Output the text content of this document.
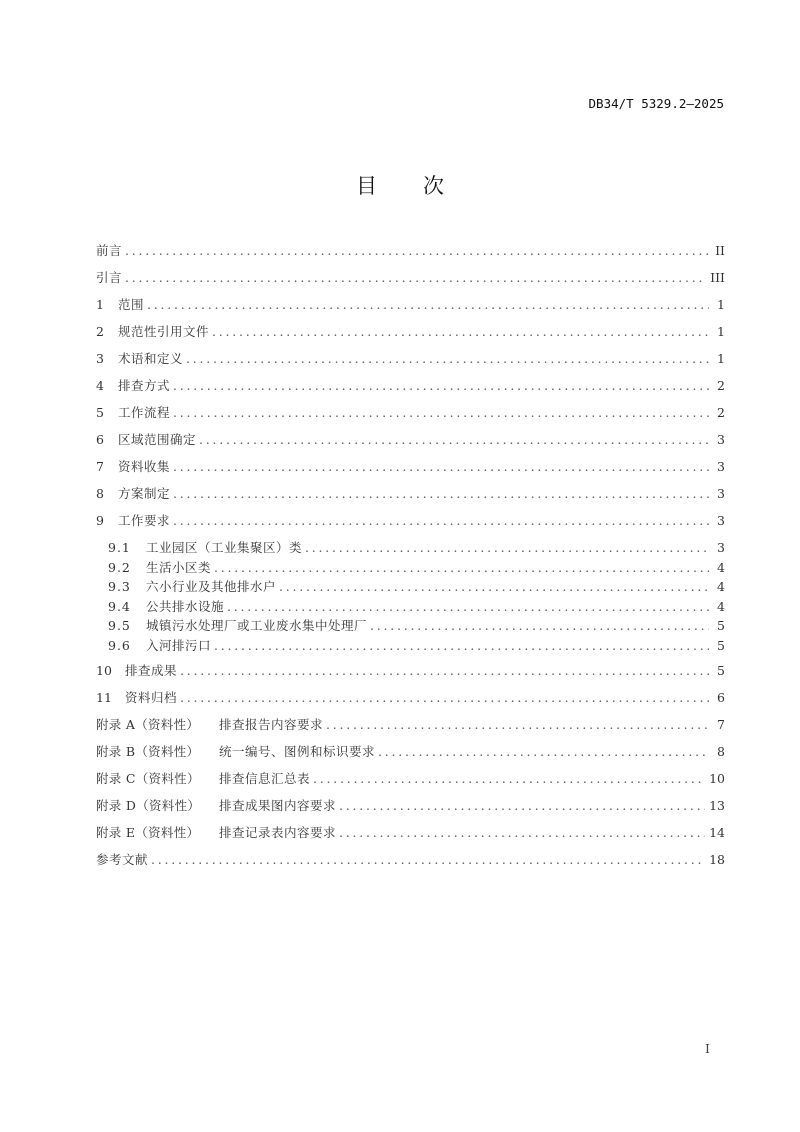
DB34/T 5329.2—2025
目 次
前言 . . .	II
引言 . . .	III
1	范围 . . .	1
2	规范性引用文件 . . .	1
3	术语和定义 . . .	1
4	排查方式 . . .	2
5	工作流程 . . .	2
6	区域范围确定 . . .	3
7	资料收集 . . .	3
8	方案制定 . . .	3
9	工作要求 . . .	3
9.1	工业园区（工业集聚区）类 . . .	3
9.2	生活小区类 . . .	4
9.3	六小行业及其他排水户 . . .	4
9.4	公共排水设施 . . .	4
9.5	城镇污水处理厂或工业废水集中处理厂 . . .	5
9.6	入河排污口 . . .	5
10	排查成果 . . .	5
11	资料归档 . . .	6
附录 A（资料性）	排查报告内容要求 . . .	7
附录 B（资料性）	统一编号、图例和标识要求 . . .	8
附录 C（资料性）	排查信息汇总表 . . .	10
附录 D（资料性）	排查成果图内容要求 . . .	13
附录 E（资料性）	排查记录表内容要求 . . .	14
参考文献 . . .	18
I
